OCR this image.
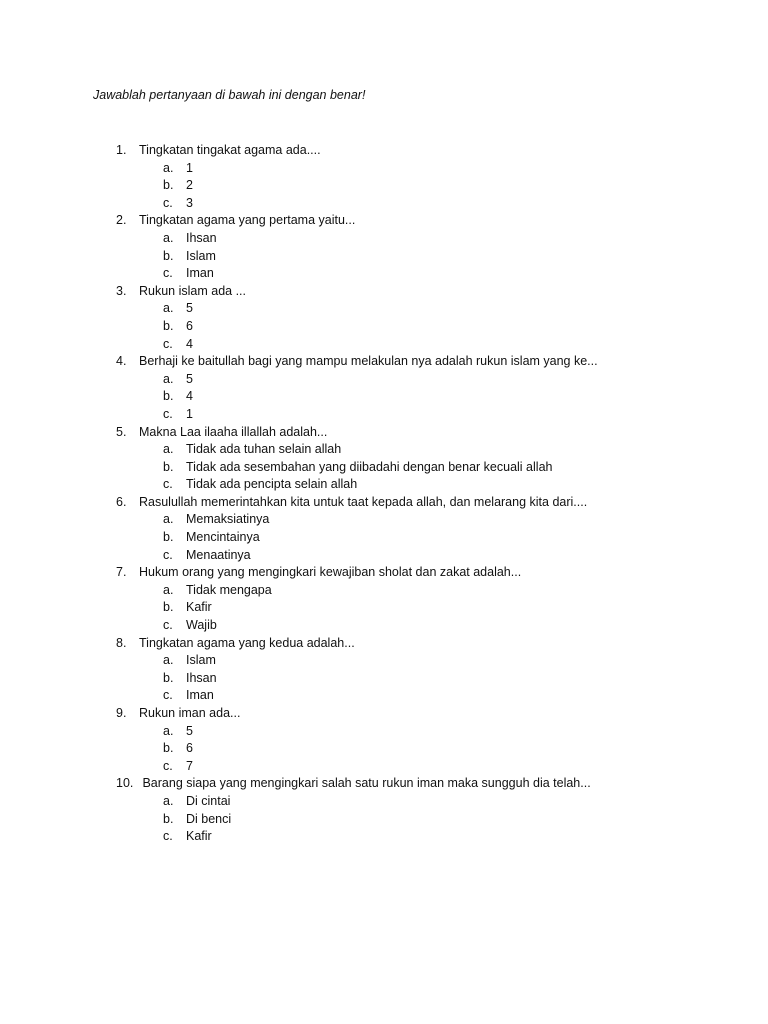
Jawablah pertanyaan di bawah ini dengan benar!

1. Tingkatan tingakat agama ada....
a. 1
b. 2
c. 3
2. Tingkatan agama yang pertama yaitu...
a. Ihsan
b. Islam
c. Iman
3. Rukun islam ada ...
a. 5
b. 6
c. 4
4. Berhaji ke baitullah bagi yang mampu melakulan nya adalah rukun islam yang ke...
a. 5
b. 4
c. 1
5. Makna Laa ilaaha illallah adalah...
a. Tidak ada tuhan selain allah
b. Tidak ada sesembahan yang diibadahi dengan benar kecuali allah
c. Tidak ada pencipta selain allah
6. Rasulullah memerintahkan kita untuk taat kepada allah, dan melarang kita dari....
a. Memaksiatinya
b. Mencintainya
c. Menaatinya
7. Hukum orang yang mengingkari kewajiban sholat dan zakat adalah...
a. Tidak mengapa
b. Kafir
c. Wajib
8. Tingkatan agama yang kedua adalah...
a. Islam
b. Ihsan
c. Iman
9. Rukun iman ada...
a. 5
b. 6
c. 7
10. Barang siapa yang mengingkari salah satu rukun iman maka sungguh dia telah...
a. Di cintai
b. Di benci
c. Kafir
